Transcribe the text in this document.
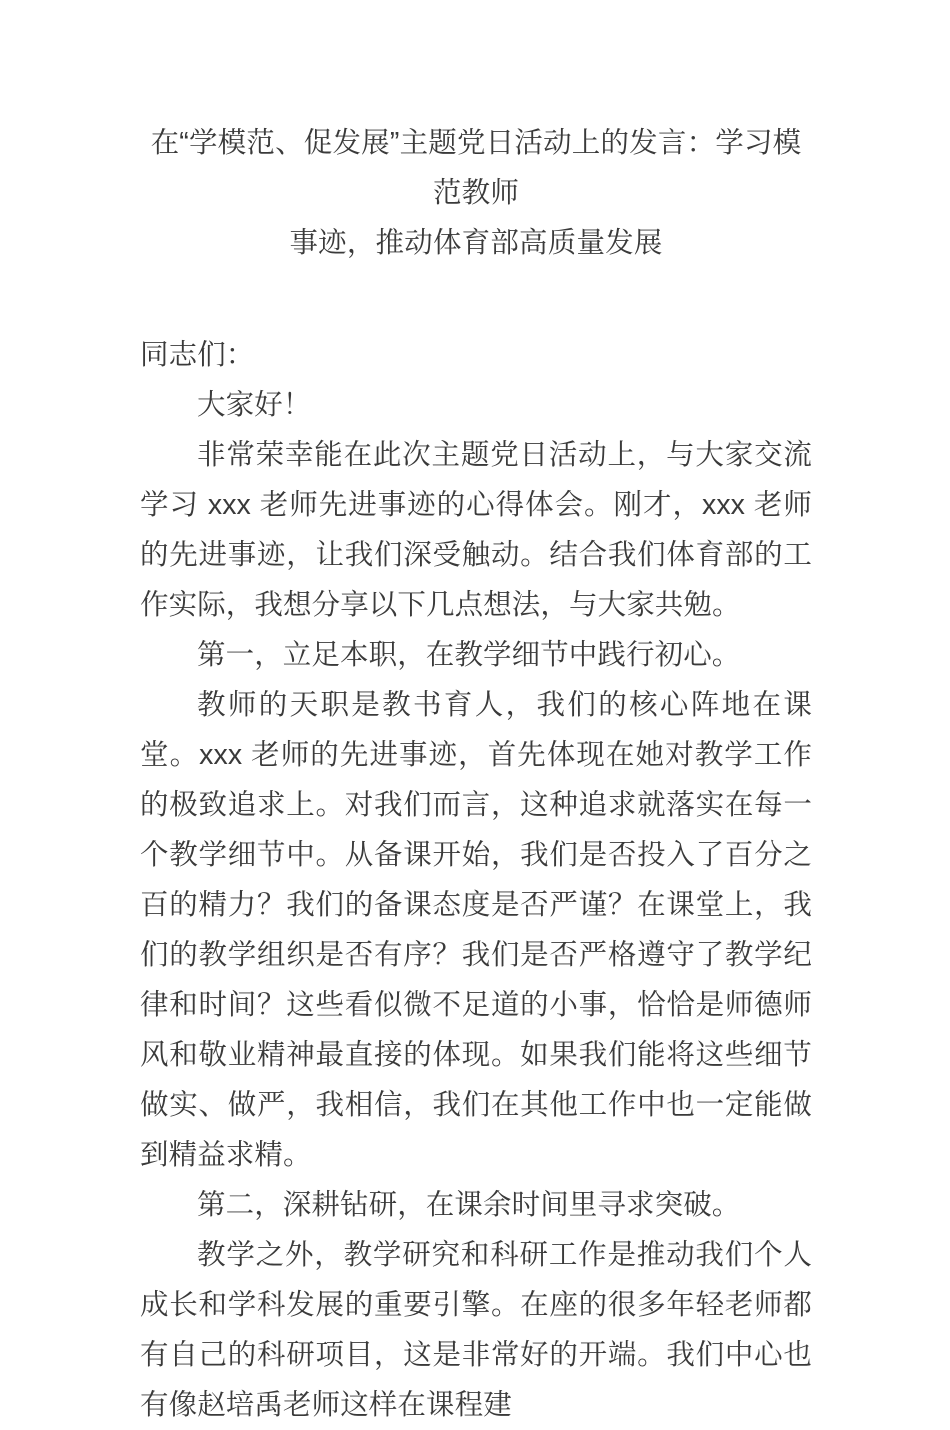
在“学模范、促发展”主题党日活动上的发言：学习模范教师
事迹，推动体育部高质量发展

同志们：

大家好！

非常荣幸能在此次主题党日活动上，与大家交流学习 xxx 老师先进事迹的心得体会。刚才，xxx 老师的先进事迹，让我们深受触动。结合我们体育部的工作实际，我想分享以下几点想法，与大家共勉。

第一，立足本职，在教学细节中践行初心。

教师的天职是教书育人，我们的核心阵地在课堂。xxx 老师的先进事迹，首先体现在她对教学工作的极致追求上。对我们而言，这种追求就落实在每一个教学细节中。从备课开始，我们是否投入了百分之百的精力？我们的备课态度是否严谨？在课堂上，我们的教学组织是否有序？我们是否严格遵守了教学纪律和时间？这些看似微不足道的小事，恰恰是师德师风和敬业精神最直接的体现。如果我们能将这些细节做实、做严，我相信，我们在其他工作中也一定能做到精益求精。

第二，深耕钻研，在课余时间里寻求突破。

教学之外，教学研究和科研工作是推动我们个人成长和学科发展的重要引擎。在座的很多年轻老师都有自己的科研项目，这是非常好的开端。我们中心也有像赵培禹老师这样在课程建
